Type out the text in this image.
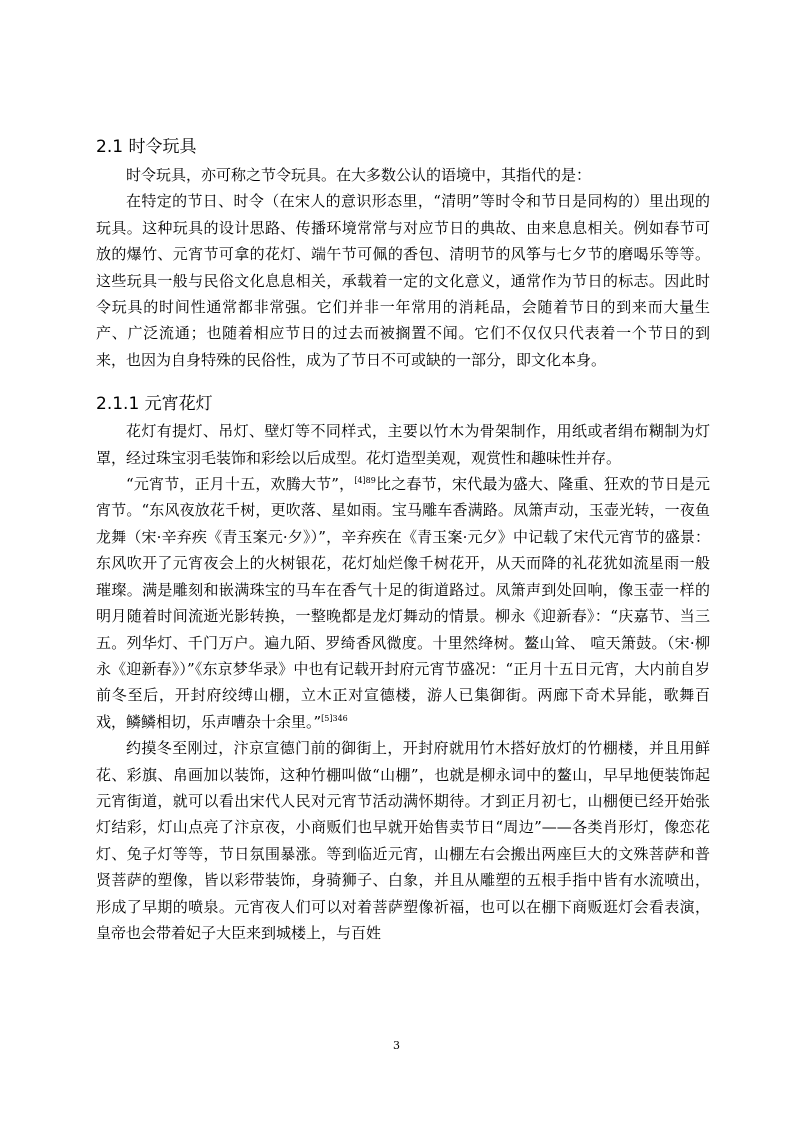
2.1 时令玩具

时令玩具，亦可称之节令玩具。在大多数公认的语境中，其指代的是：

在特定的节日、时令（在宋人的意识形态里，“清明”等时令和节日是同构的）里出现的玩具。这种玩具的设计思路、传播环境常常与对应节日的典故、由来息息相关。例如春节可放的爆竹、元宵节可拿的花灯、端午节可佩的香包、清明节的风筝与七夕节的磨喝乐等等。这些玩具一般与民俗文化息息相关，承载着一定的文化意义，通常作为节日的标志。因此时令玩具的时间性通常都非常强。它们并非一年常用的消耗品，会随着节日的到来而大量生产、广泛流通；也随着相应节日的过去而被搁置不闻。它们不仅仅只代表着一个节日的到来，也因为自身特殊的民俗性，成为了节日不可或缺的一部分，即文化本身。

2.1.1 元宵花灯

花灯有提灯、吊灯、壁灯等不同样式，主要以竹木为骨架制作，用纸或者绢布糊制为灯罩，经过珠宝羽毛装饰和彩绘以后成型。花灯造型美观，观赏性和趣味性并存。

“元宵节，正月十五，欢腾大节”，$^{[4]89}$比之春节，宋代最为盛大、隆重、狂欢的节日是元宵节。“东风夜放花千树，更吹落、星如雨。宝马雕车香满路。凤箫声动，玉壶光转，一夜鱼龙舞（宋·辛弃疾《青玉案元·夕》）”，辛弃疾在《青玉案·元夕》中记载了宋代元宵节的盛景：东风吹开了元宵夜会上的火树银花，花灯灿烂像千树花开，从天而降的礼花犹如流星雨一般璀璨。满是雕刻和嵌满珠宝的马车在香气十足的街道路过。凤箫声到处回响，像玉壶一样的明月随着时间流逝光影转换，一整晚都是龙灯舞动的情景。柳永《迎新春》：“庆嘉节、当三五。列华灯、千门万户。遍九陌、罗绮香风微度。十里然绛树。鳌山耸、 喧天箫鼓。（宋·柳永《迎新春》）”《东京梦华录》中也有记载开封府元宵节盛况：“正月十五日元宵，大内前自岁前冬至后，开封府绞缚山棚，立木正对宣德楼，游人已集御街。两廊下奇术异能，歌舞百戏，鳞鳞相切，乐声嘈杂十余里。”$^{[5]346}$

约摸冬至刚过，汴京宣德门前的御街上，开封府就用竹木搭好放灯的竹棚楼，并且用鲜花、彩旗、帛画加以装饰，这种竹棚叫做“山棚”，也就是柳永词中的鳌山，早早地便装饰起元宵街道，就可以看出宋代人民对元宵节活动满怀期待。才到正月初七，山棚便已经开始张灯结彩，灯山点亮了汴京夜，小商贩们也早就开始售卖节日“周边”——各类肖形灯，像恋花灯、兔子灯等等，节日氛围暴涨。等到临近元宵，山棚左右会搬出两座巨大的文殊菩萨和普贤菩萨的塑像，皆以彩带装饰，身骑狮子、白象，并且从雕塑的五根手指中皆有水流喷出，形成了早期的喷泉。元宵夜人们可以对着菩萨塑像祈福，也可以在棚下商贩逛灯会看表演，皇帝也会带着妃子大臣来到城楼上，与百姓

3
